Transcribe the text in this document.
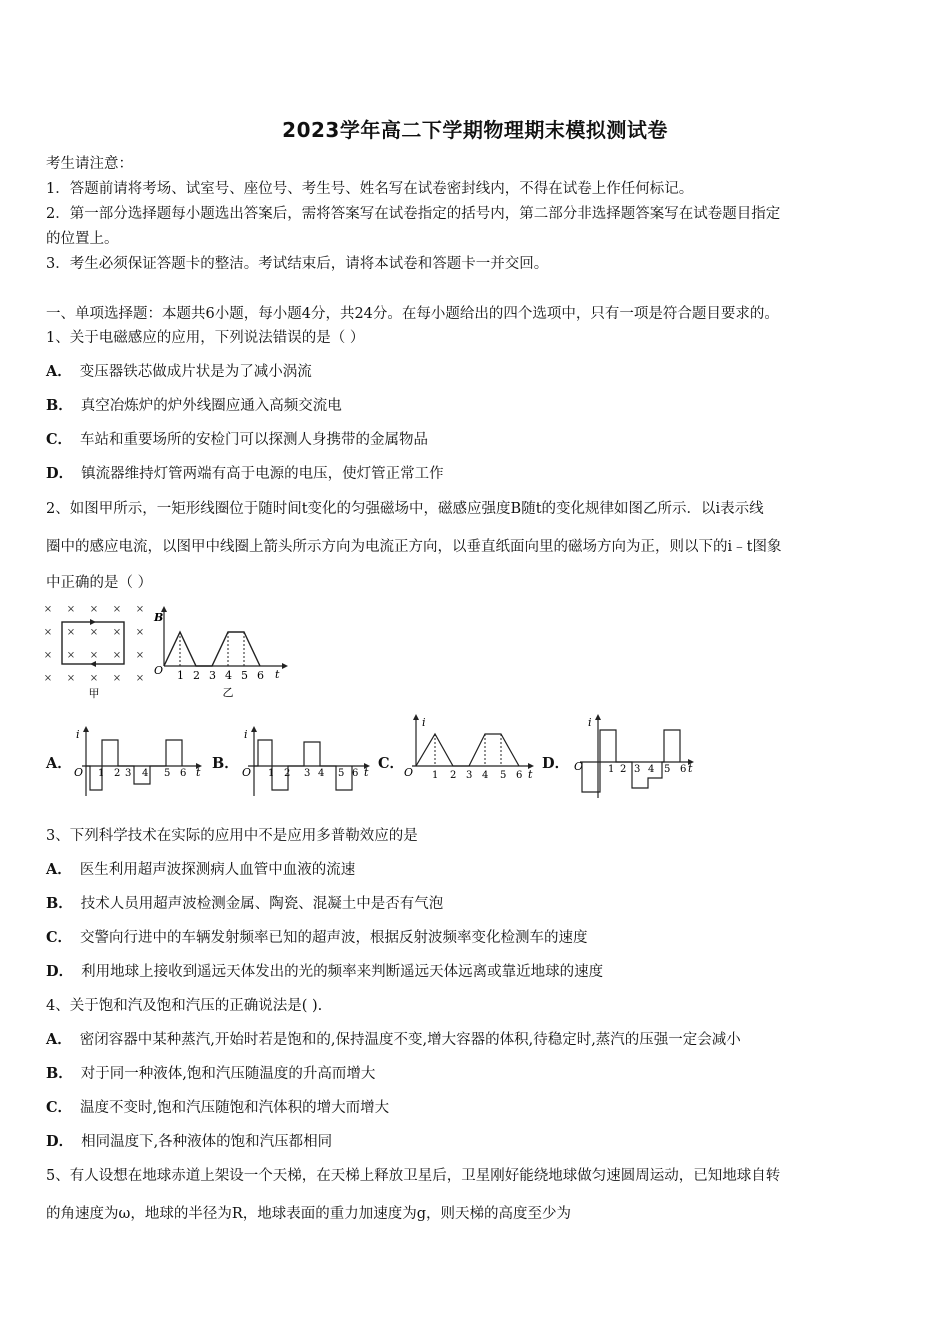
2023学年高二下学期物理期末模拟测试卷
考生请注意：
1．答题前请将考场、试室号、座位号、考生号、姓名写在试卷密封线内，不得在试卷上作任何标记。
2．第一部分选择题每小题选出答案后，需将答案写在试卷指定的括号内，第二部分非选择题答案写在试卷题目指定
的位置上。
3．考生必须保证答题卡的整洁。考试结束后，请将本试卷和答题卡一并交回。
一、单项选择题：本题共6小题，每小题4分，共24分。在每小题给出的四个选项中，只有一项是符合题目要求的。
1、关于电磁感应的应用，下列说法错误的是（ ）
A． 变压器铁芯做成片状是为了减小涡流
B． 真空冶炼炉的炉外线圈应通入高频交流电
C． 车站和重要场所的安检门可以探测人身携带的金属物品
D． 镇流器维持灯管两端有高于电源的电压，使灯管正常工作
2、如图甲所示，一矩形线圈位于随时间t变化的匀强磁场中，磁感应强度B随t的变化规律如图乙所示．以i表示线
圈中的感应电流，以图甲中线圈上箭头所示方向为电流正方向，以垂直纸面向里的磁场方向为正，则以下的i﹣t图象
中正确的是（ ）
× × × × ×
× × × × ×
× × × × ×
× × × × ×
甲
B
O	t
1 2 3 4 5 6
乙
A．
i
t
O 1 2 3 4 5 6
B．
i
t
O 1 2 3 4 5 6
C．
i
t
O 1 2 3 4 5 6
D．
i
t
O 1 2 3 4 5 6
3、下列科学技术在实际的应用中不是应用多普勒效应的是
A． 医生利用超声波探测病人血管中血液的流速
B． 技术人员用超声波检测金属、陶瓷、混凝土中是否有气泡
C． 交警向行进中的车辆发射频率已知的超声波，根据反射波频率变化检测车的速度
D． 利用地球上接收到遥远天体发出的光的频率来判断遥远天体远离或靠近地球的速度
4、关于饱和汽及饱和汽压的正确说法是( ).
A． 密闭容器中某种蒸汽,开始时若是饱和的,保持温度不变,增大容器的体积,待稳定时,蒸汽的压强一定会减小
B． 对于同一种液体,饱和汽压随温度的升高而增大
C． 温度不变时,饱和汽压随饱和汽体积的增大而增大
D． 相同温度下,各种液体的饱和汽压都相同
5、有人设想在地球赤道上架设一个天梯，在天梯上释放卫星后，卫星刚好能绕地球做匀速圆周运动，已知地球自转
的角速度为ω，地球的半径为R，地球表面的重力加速度为g，则天梯的高度至少为
